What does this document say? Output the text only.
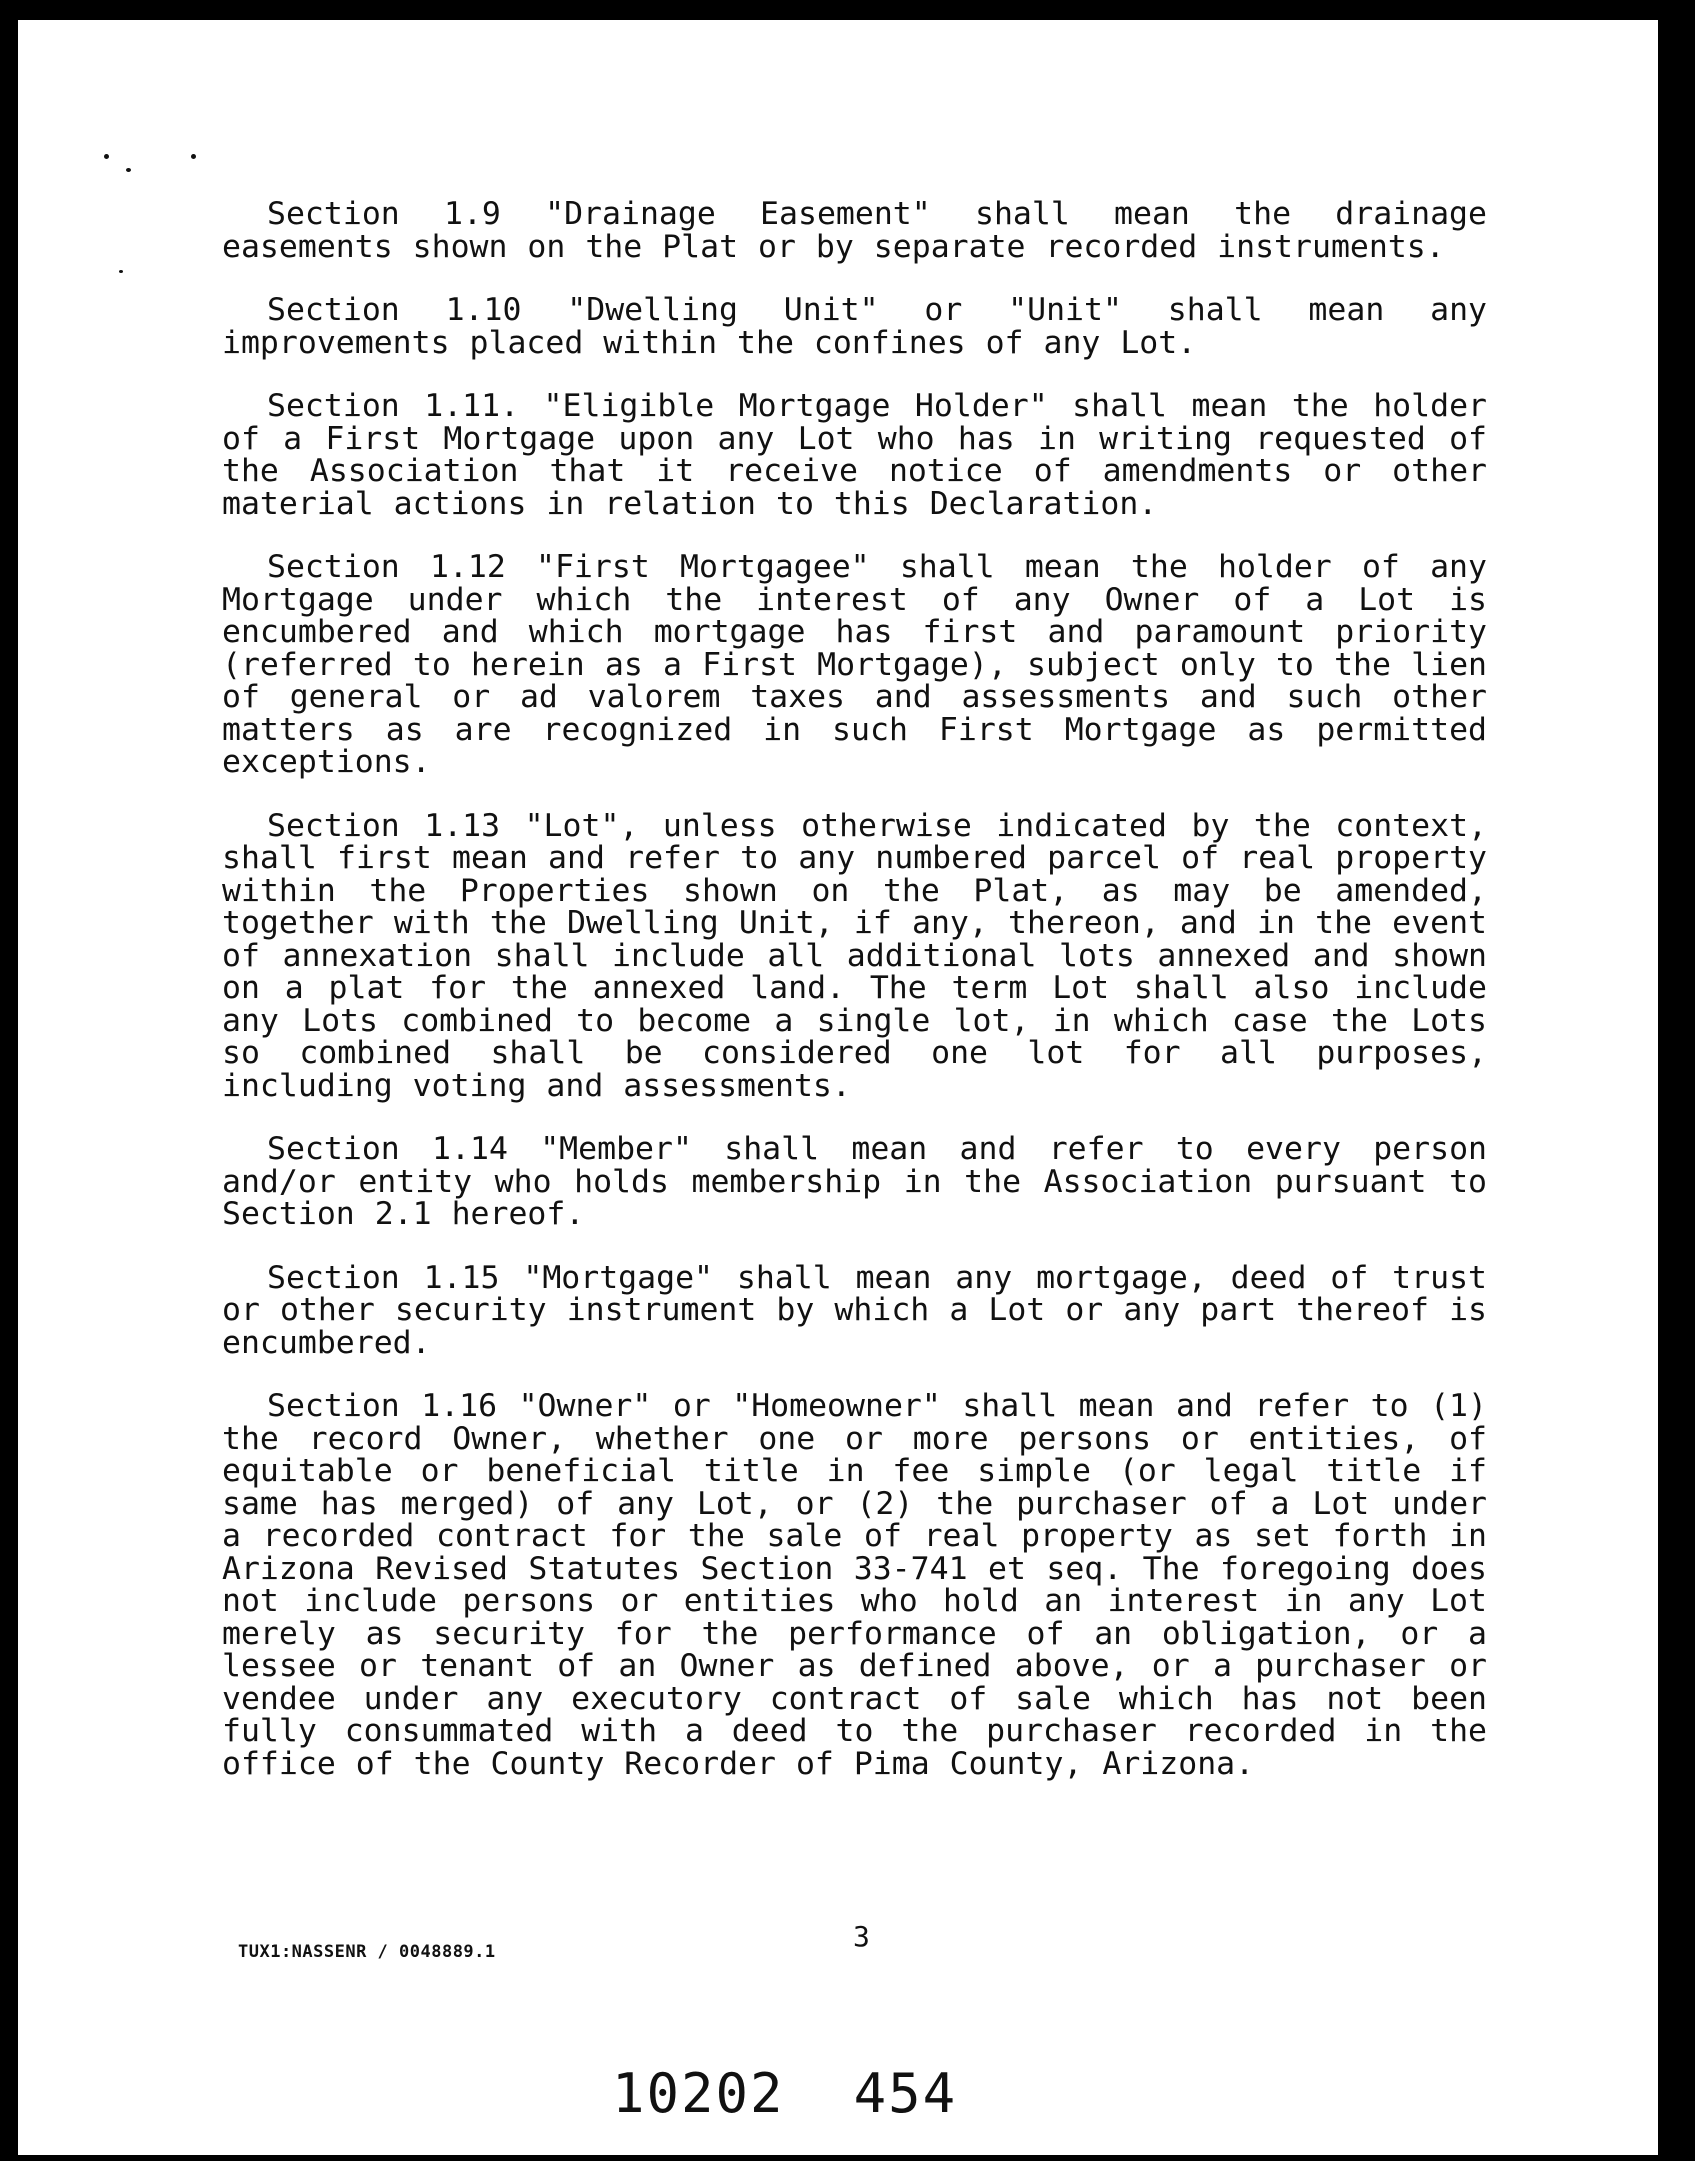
Section 1.9 "Drainage Easement" shall mean the drainage easements shown on the Plat or by separate recorded instruments.

Section 1.10 "Dwelling Unit" or "Unit" shall mean any improvements placed within the confines of any Lot.

Section 1.11. "Eligible Mortgage Holder" shall mean the holder of a First Mortgage upon any Lot who has in writing requested of the Association that it receive notice of amendments or other material actions in relation to this Declaration.

Section 1.12 "First Mortgagee" shall mean the holder of any Mortgage under which the interest of any Owner of a Lot is encumbered and which mortgage has first and paramount priority (referred to herein as a First Mortgage), subject only to the lien of general or ad valorem taxes and assessments and such other matters as are recognized in such First Mortgage as permitted exceptions.

Section 1.13 "Lot", unless otherwise indicated by the context, shall first mean and refer to any numbered parcel of real property within the Properties shown on the Plat, as may be amended, together with the Dwelling Unit, if any, thereon, and in the event of annexation shall include all additional lots annexed and shown on a plat for the annexed land. The term Lot shall also include any Lots combined to become a single lot, in which case the Lots so combined shall be considered one lot for all purposes, including voting and assessments.

Section 1.14 "Member" shall mean and refer to every person and/or entity who holds membership in the Association pursuant to Section 2.1 hereof.

Section 1.15 "Mortgage" shall mean any mortgage, deed of trust or other security instrument by which a Lot or any part thereof is encumbered.

Section 1.16 "Owner" or "Homeowner" shall mean and refer to (1) the record Owner, whether one or more persons or entities, of equitable or beneficial title in fee simple (or legal title if same has merged) of any Lot, or (2) the purchaser of a Lot under a recorded contract for the sale of real property as set forth in Arizona Revised Statutes Section 33-741 et seq. The foregoing does not include persons or entities who hold an interest in any Lot merely as security for the performance of an obligation, or a lessee or tenant of an Owner as defined above, or a purchaser or vendee under any executory contract of sale which has not been fully consummated with a deed to the purchaser recorded in the office of the County Recorder of Pima County, Arizona.

TUX1:NASSENR / 0048889.1	3
10202  454
